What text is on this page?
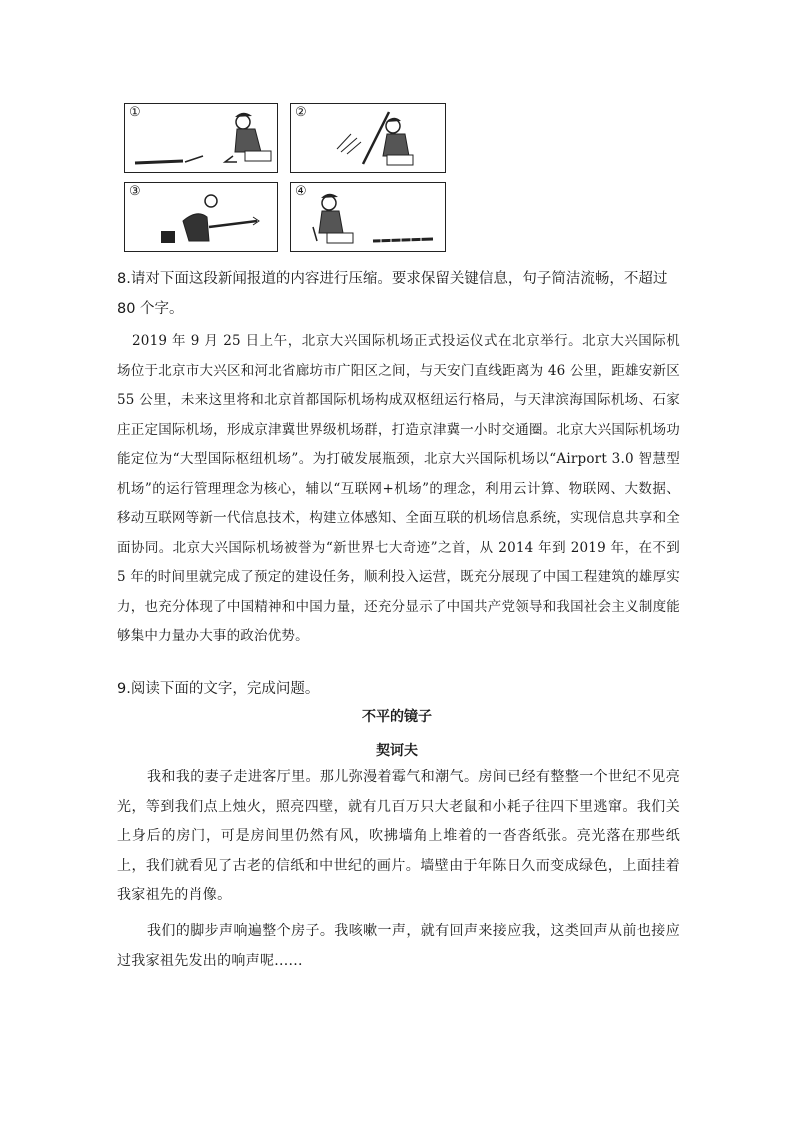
①	②
③	④
8.请对下面这段新闻报道的内容进行压缩。要求保留关键信息，句子简洁流畅，不超过 80 个字。
2019 年 9 月 25 日上午，北京大兴国际机场正式投运仪式在北京举行。北京大兴国际机场位于北京市大兴区和河北省廊坊市广阳区之间，与天安门直线距离为 46 公里，距雄安新区 55 公里，未来这里将和北京首都国际机场构成双枢纽运行格局，与天津滨海国际机场、石家庄正定国际机场，形成京津冀世界级机场群，打造京津冀一小时交通圈。北京大兴国际机场功能定位为“大型国际枢纽机场”。为打破发展瓶颈，北京大兴国际机场以“Airport 3.0 智慧型机场”的运行管理理念为核心，辅以“互联网+机场”的理念，利用云计算、物联网、大数据、移动互联网等新一代信息技术，构建立体感知、全面互联的机场信息系统，实现信息共享和全面协同。北京大兴国际机场被誉为“新世界七大奇迹”之首，从 2014 年到 2019 年，在不到 5 年的时间里就完成了预定的建设任务，顺利投入运营，既充分展现了中国工程建筑的雄厚实力，也充分体现了中国精神和中国力量，还充分显示了中国共产党领导和我国社会主义制度能够集中力量办大事的政治优势。
9.阅读下面的文字，完成问题。
不平的镜子
契诃夫
我和我的妻子走进客厅里。那儿弥漫着霉气和潮气。房间已经有整整一个世纪不见亮光，等到我们点上烛火，照亮四壁，就有几百万只大老鼠和小耗子往四下里逃窜。我们关上身后的房门，可是房间里仍然有风，吹拂墙角上堆着的一沓沓纸张。亮光落在那些纸上，我们就看见了古老的信纸和中世纪的画片。墙壁由于年陈日久而变成绿色，上面挂着我家祖先的肖像。
我们的脚步声响遍整个房子。我咳嗽一声，就有回声来接应我，这类回声从前也接应过我家祖先发出的响声呢......
